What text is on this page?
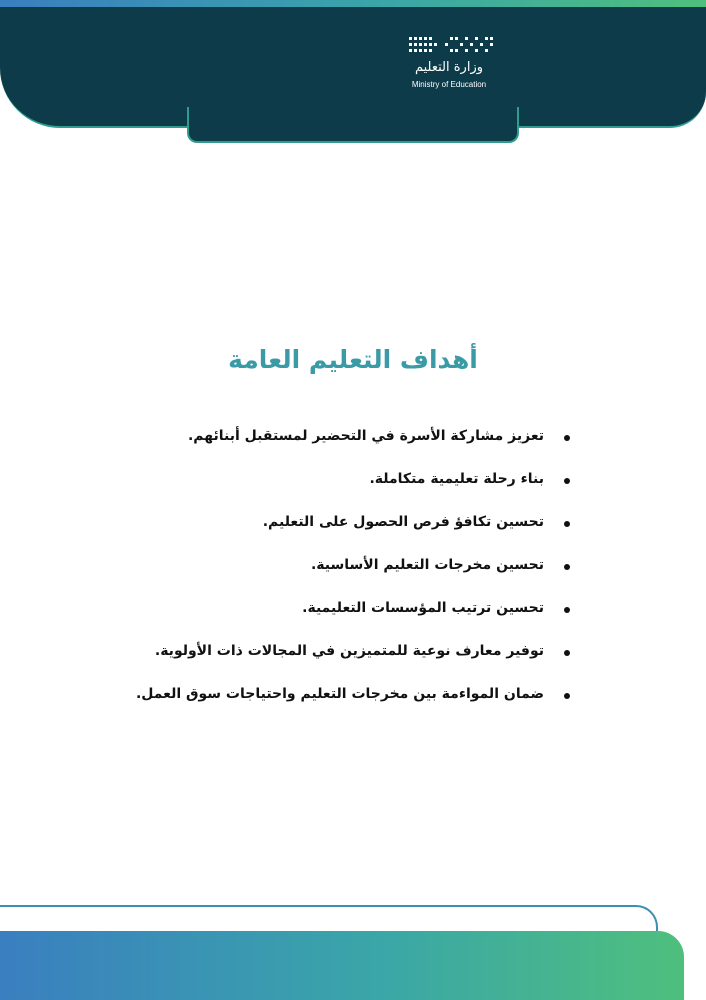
وزارة التعليم
Ministry of Education
أهداف التعليم العامة
تعزيز مشاركة الأسرة في التحضير لمستقبل أبنائهم.
بناء رحلة تعليمية متكاملة.
تحسين تكافؤ فرص الحصول على التعليم.
تحسين مخرجات التعليم الأساسية.
تحسين ترتيب المؤسسات التعليمية.
توفير معارف نوعية للمتميزين في المجالات ذات الأولوية.
ضمان المواءمة بين مخرجات التعليم واحتياجات سوق العمل.
